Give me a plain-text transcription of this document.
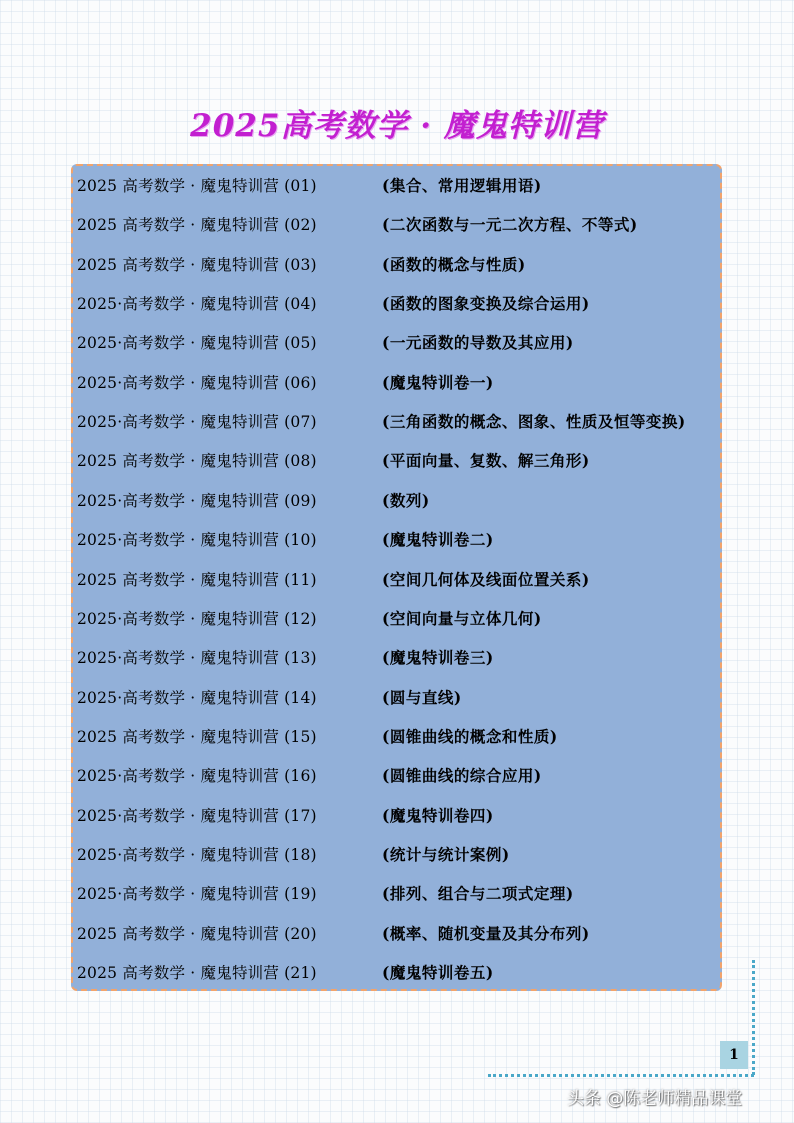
2025高考数学 · 魔鬼特训营
2025 高考数学 · 魔鬼特训营 (01)	(集合、常用逻辑用语)
2025 高考数学 · 魔鬼特训营 (02)	(二次函数与一元二次方程、不等式)
2025 高考数学 · 魔鬼特训营 (03)	(函数的概念与性质)
2025·高考数学 · 魔鬼特训营 (04)	(函数的图象变换及综合运用)
2025·高考数学 · 魔鬼特训营 (05)	(一元函数的导数及其应用)
2025·高考数学 · 魔鬼特训营 (06)	(魔鬼特训卷一)
2025·高考数学 · 魔鬼特训营 (07)	(三角函数的概念、图象、性质及恒等变换)
2025 高考数学 · 魔鬼特训营 (08)	(平面向量、复数、解三角形)
2025·高考数学 · 魔鬼特训营 (09)	(数列)
2025·高考数学 · 魔鬼特训营 (10)	(魔鬼特训卷二)
2025 高考数学 · 魔鬼特训营 (11)	(空间几何体及线面位置关系)
2025·高考数学 · 魔鬼特训营 (12)	(空间向量与立体几何)
2025·高考数学 · 魔鬼特训营 (13)	(魔鬼特训卷三)
2025·高考数学 · 魔鬼特训营 (14)	(圆与直线)
2025 高考数学 · 魔鬼特训营 (15)	(圆锥曲线的概念和性质)
2025·高考数学 · 魔鬼特训营 (16)	(圆锥曲线的综合应用)
2025·高考数学 · 魔鬼特训营 (17)	(魔鬼特训卷四)
2025·高考数学 · 魔鬼特训营 (18)	(统计与统计案例)
2025·高考数学 · 魔鬼特训营 (19)	(排列、组合与二项式定理)
2025 高考数学 · 魔鬼特训营 (20)	(概率、随机变量及其分布列)
2025 高考数学 · 魔鬼特训营 (21)	(魔鬼特训卷五)
1
头条 @陈老师精品课堂
